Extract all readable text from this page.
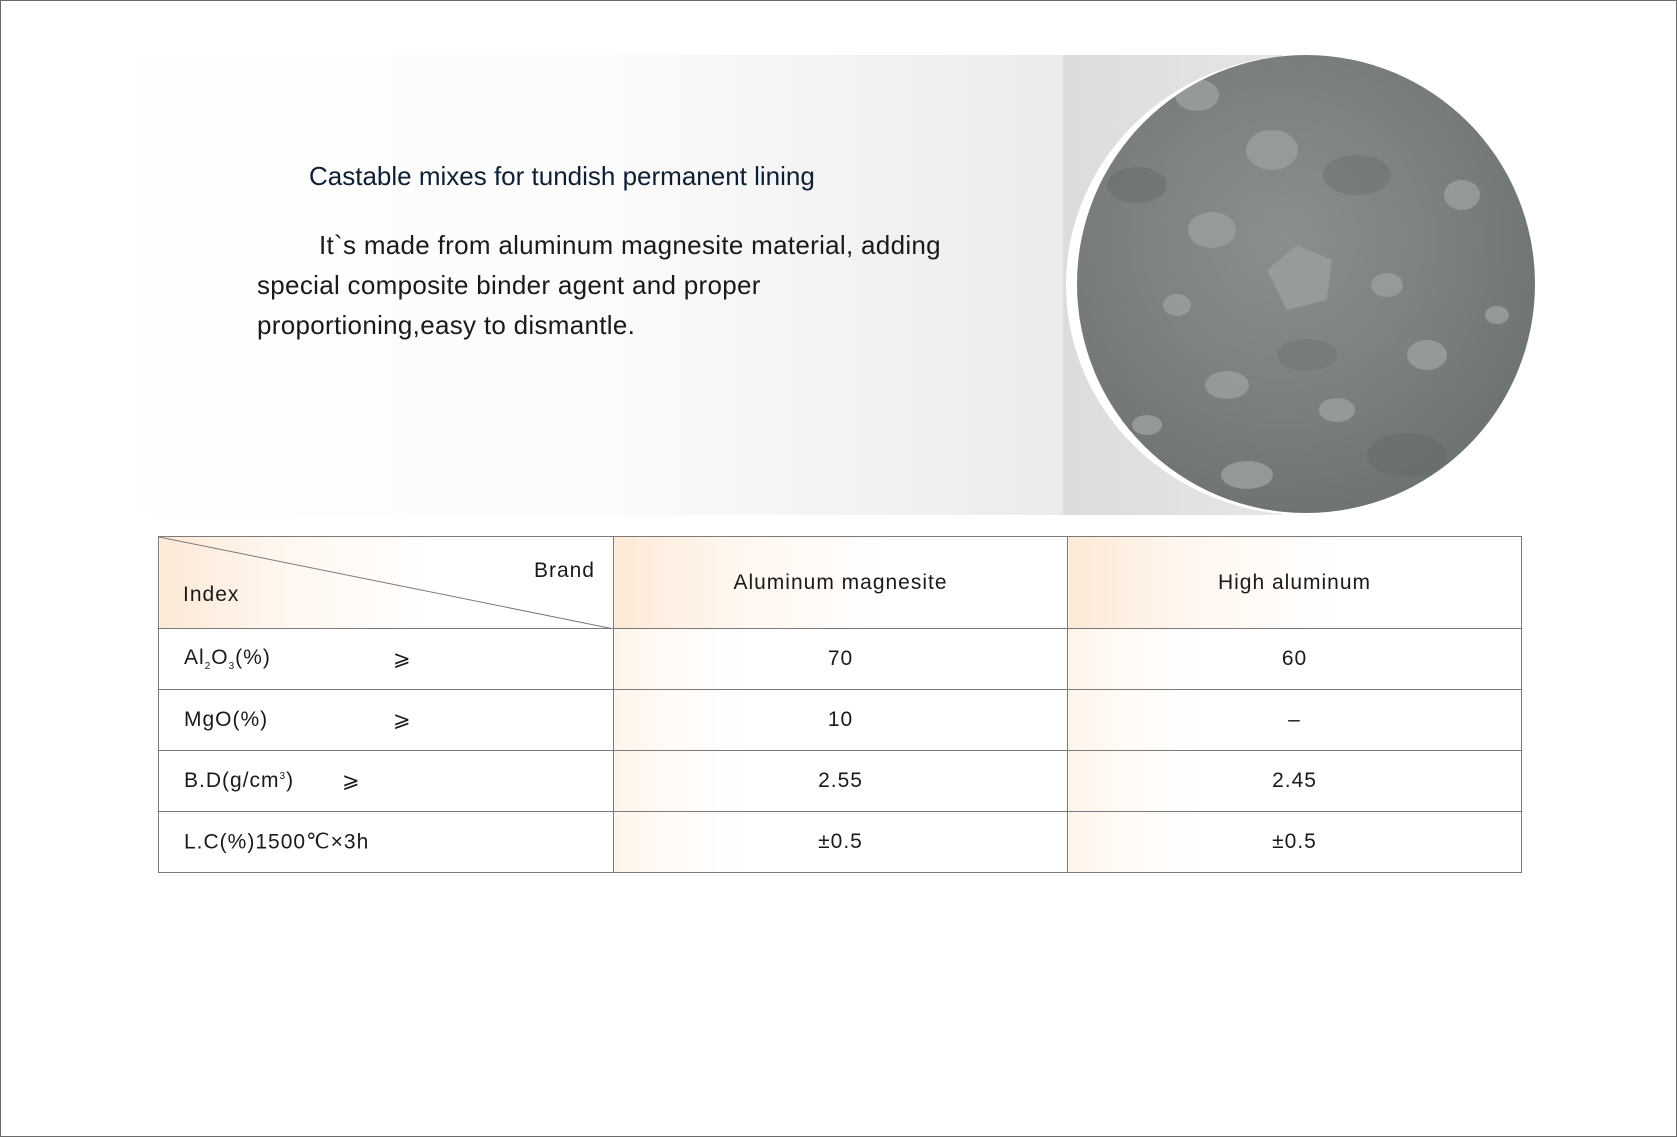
Castable mixes for tundish permanent lining

It`s made from aluminum magnesite material, adding special composite binder agent and proper proportioning,easy to dismantle.

Brand
Index	Aluminum magnesite	High aluminum

$Al_2O_3(\%)$ ⩾	70	60

MgO(%) ⩾	10	–

$B.D(g/cm^3)$ ⩾	2.55	2.45

L.C(%)1500℃×3h	±0.5	±0.5
